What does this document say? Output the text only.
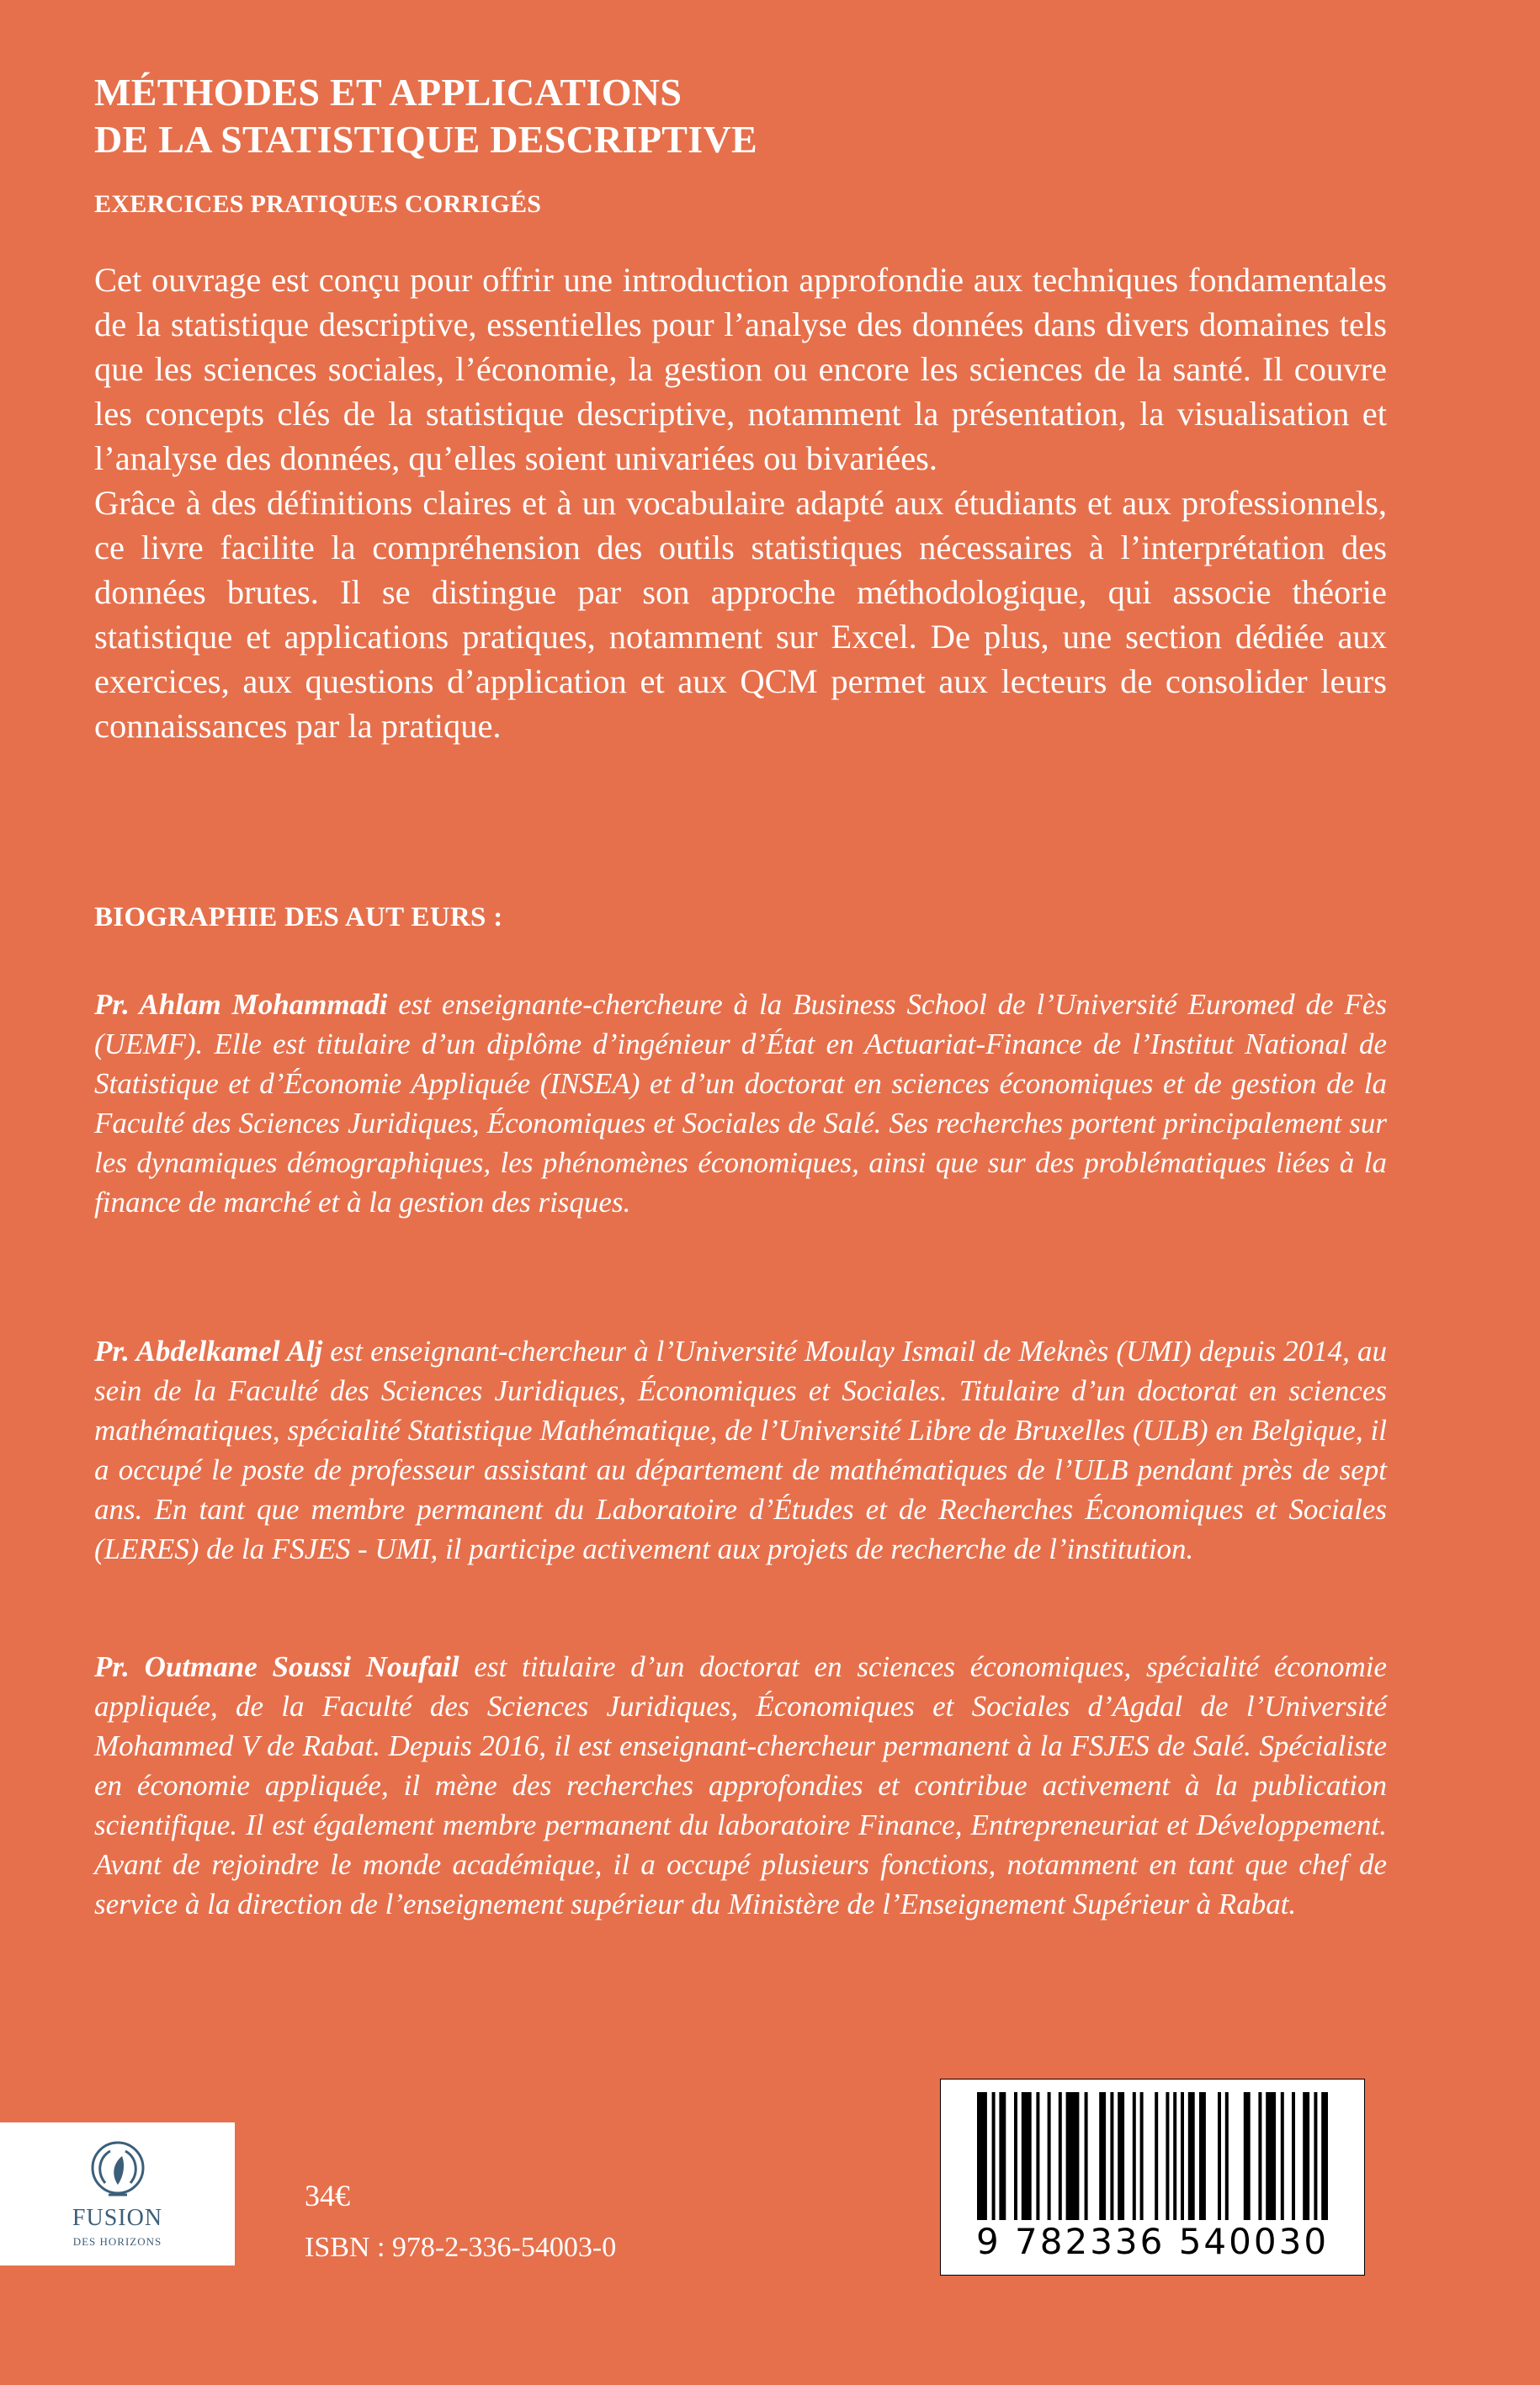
MÉTHODES ET APPLICATIONS
DE LA STATISTIQUE DESCRIPTIVE
EXERCICES PRATIQUES CORRIGÉS

Cet ouvrage est conçu pour offrir une introduction approfondie aux techniques fondamentales de la statistique descriptive, essentielles pour l’analyse des données dans divers domaines tels que les sciences sociales, l’économie, la gestion ou encore les sciences de la santé. Il couvre les concepts clés de la statistique descriptive, notamment la présentation, la visualisation et l’analyse des données, qu’elles soient univariées ou bivariées.

Grâce à des définitions claires et à un vocabulaire adapté aux étudiants et aux professionnels, ce livre facilite la compréhension des outils statistiques nécessaires à l’interprétation des données brutes. Il se distingue par son approche méthodologique, qui associe théorie statistique et applications pratiques, notamment sur Excel. De plus, une section dédiée aux exercices, aux questions d’application et aux QCM permet aux lecteurs de consolider leurs connaissances par la pratique.

BIOGRAPHIE DES AUT EURS :
Pr. Ahlam Mohammadi est enseignante-chercheure à la Business School de l’Université Euromed de Fès (UEMF). Elle est titulaire d’un diplôme d’ingénieur d’État en Actuariat-Finance de l’Institut National de Statistique et d’Économie Appliquée (INSEA) et d’un doctorat en sciences économiques et de gestion de la Faculté des Sciences Juridiques, Économiques et Sociales de Salé. Ses recherches portent principalement sur les dynamiques démographiques, les phénomènes économiques, ainsi que sur des problématiques liées à la finance de marché et à la gestion des risques.
Pr. Abdelkamel Alj est enseignant-chercheur à l’Université Moulay Ismail de Meknès (UMI) depuis 2014, au sein de la Faculté des Sciences Juridiques, Économiques et Sociales. Titulaire d’un doctorat en sciences mathématiques, spécialité Statistique Mathématique, de l’Université Libre de Bruxelles (ULB) en Belgique, il a occupé le poste de professeur assistant au département de mathématiques de l’ULB pendant près de sept ans. En tant que membre permanent du Laboratoire d’Études et de Recherches Économiques et Sociales (LERES) de la FSJES - UMI, il participe activement aux projets de recherche de l’institution.
Pr. Outmane Soussi Noufail est titulaire d’un doctorat en sciences économiques, spécialité économie appliquée, de la Faculté des Sciences Juridiques, Économiques et Sociales d’Agdal de l’Université Mohammed V de Rabat. Depuis 2016, il est enseignant-chercheur permanent à la FSJES de Salé. Spécialiste en économie appliquée, il mène des recherches approfondies et contribue activement à la publication scientifique. Il est également membre permanent du laboratoire Finance, Entrepreneuriat et Développement. Avant de rejoindre le monde académique, il a occupé plusieurs fonctions, notamment en tant que chef de service à la direction de l’enseignement supérieur du Ministère de l’Enseignement Supérieur à Rabat.
FUSION
DES HORIZONS
34€
ISBN : 978-2-336-54003-0	9 782336 540030
